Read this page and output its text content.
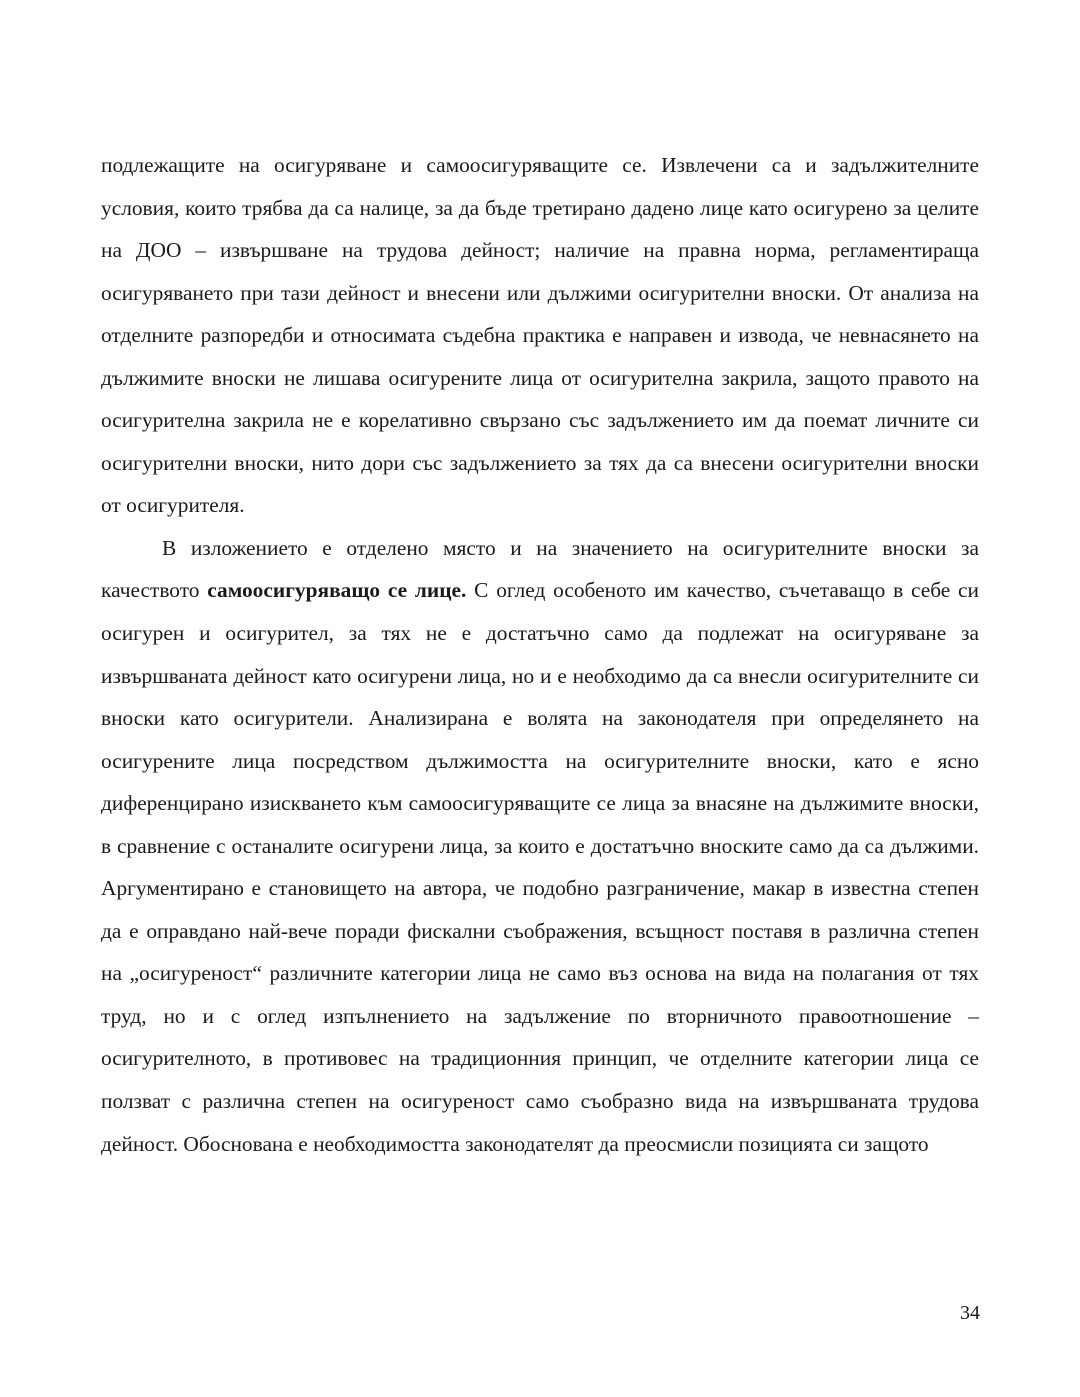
подлежащите на осигуряване и самоосигуряващите се. Извлечени са и задължителните условия, които трябва да са налице, за да бъде третирано дадено лице като осигурено за целите на ДОО – извършване на трудова дейност; наличие на правна норма, регламентираща осигуряването при тази дейност и внесени или дължими осигурителни вноски. От анализа на отделните разпоредби и относимата съдебна практика е направен и извода, че невнасянето на дължимите вноски не лишава осигурените лица от осигурителна закрила, защото правото на осигурителна закрила не е корелативно свързано със задължението им да поемат личните си осигурителни вноски, нито дори със задължението за тях да са внесени осигурителни вноски от осигурителя.

В изложението е отделено място и на значението на осигурителните вноски за качеството самоосигуряващо се лице. С оглед особеното им качество, съчетаващо в себе си осигурен и осигурител, за тях не е достатъчно само да подлежат на осигуряване за извършваната дейност като осигурени лица, но и е необходимо да са внесли осигурителните си вноски като осигурители. Анализирана е волята на законодателя при определянето на осигурените лица посредством дължимостта на осигурителните вноски, като е ясно диференцирано изискването към самоосигуряващите се лица за внасяне на дължимите вноски, в сравнение с останалите осигурени лица, за които е достатъчно вноските само да са дължими. Аргументирано е становището на автора, че подобно разграничение, макар в известна степен да е оправдано най-вече поради фискални съображения, всъщност поставя в различна степен на „осигуреност“ различните категории лица не само въз основа на вида на полагания от тях труд, но и с оглед изпълнението на задължение по вторничното правоотношение – осигурителното, в противовес на традиционния принцип, че отделните категории лица се ползват с различна степен на осигуреност само съобразно вида на извършваната трудова дейност. Обоснована е необходимостта законодателят да преосмисли позицията си защото

34
